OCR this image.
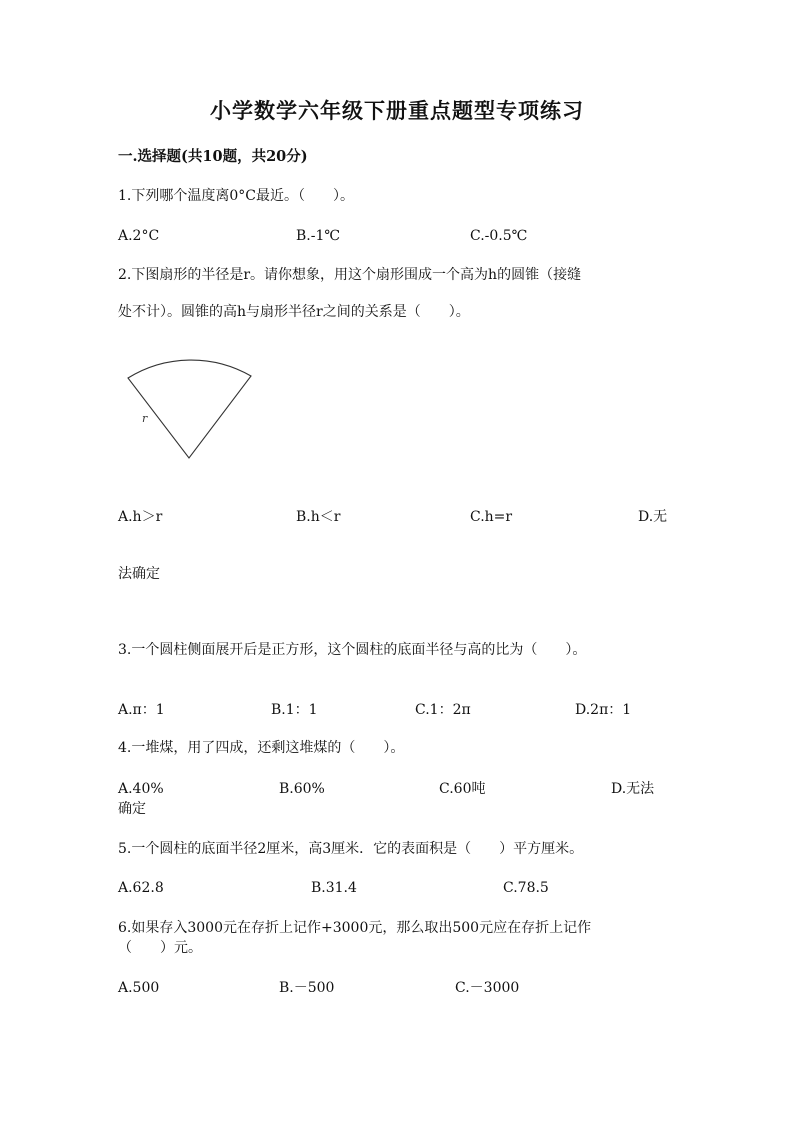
小学数学六年级下册重点题型专项练习
一.选择题(共10题，共20分)
1.下列哪个温度离0°C最近。（　　）。
A.2°C	B.-1℃	C.-0.5℃
2.下图扇形的半径是r。请你想象，用这个扇形围成一个高为h的圆锥（接缝
处不计）。圆锥的高h与扇形半径r之间的关系是（　　）。
r
A.h＞r	B.h＜r	C.h=r	D.无
法确定
3.一个圆柱侧面展开后是正方形，这个圆柱的底面半径与高的比为（　　）。
A.π：1	B.1：1	C.1：2π	D.2π：1
4.一堆煤，用了四成，还剩这堆煤的（　　）。
A.40%	B.60%	C.60吨	D.无法
确定
5.一个圆柱的底面半径2厘米，高3厘米．它的表面积是（　　）平方厘米。
A.62.8	B.31.4	C.78.5
6.如果存入3000元在存折上记作+3000元，那么取出500元应在存折上记作
（　　）元。
A.500	B.－500	C.－3000
